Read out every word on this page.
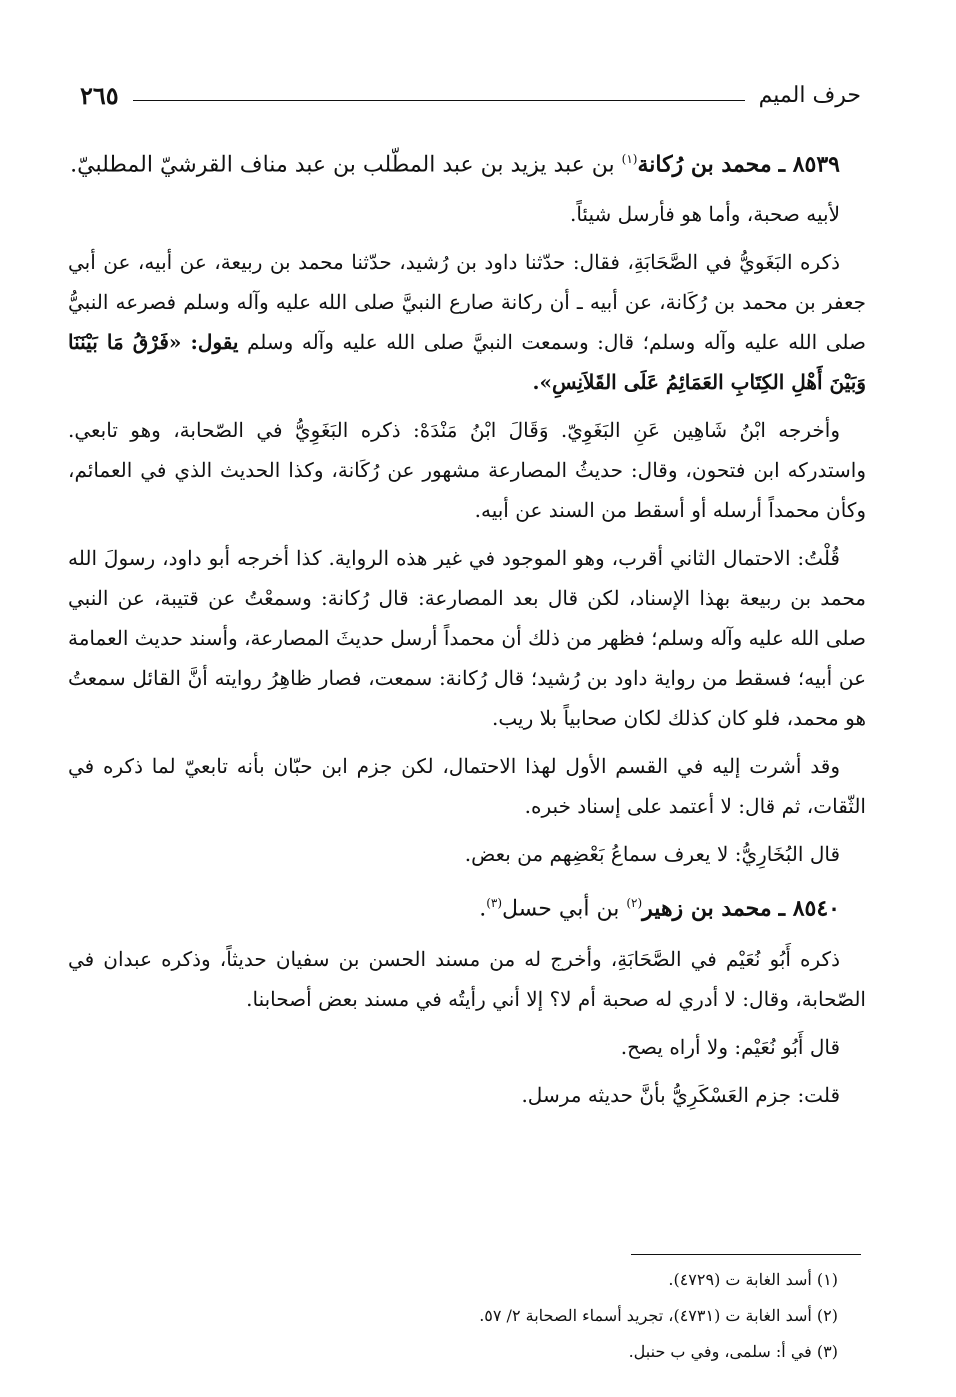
حرف الميم
٢٦٥

٨٥٣٩ ـ محمد بن رُكانة$^{(١)}$ بن عبد يزيد بن عبد المطّلب بن عبد مناف القرشيّ المطلبيّ.

لأبيه صحبة، وأما هو فأرسل شيئاً.

ذكره البَغَويُّ في الصَّحَابَةِ، فقال: حدّثنا داود بن رُشيد، حدّثنا محمد بن ربيعة، عن أبيه، عن أبي جعفر بن محمد بن رُكَانة، عن أبيه ـ أن ركانة صارع النبيَّ صلى الله عليه وآله وسلم فصرعه النبيُّ صلى الله عليه وآله وسلم؛ قال: وسمعت النبيَّ صلى الله عليه وآله وسلم يقول: «فَرْقُ مَا بَيْنَنَا وَبَيْنَ أَهْلِ الكِتَابِ العَمَائِمُ عَلَى القَلاَنِسِ».

وأخرجه ابْنُ شَاهِين عَنِ البَغَوِيّ. وَقَالَ ابْنُ مَنْدَهْ: ذكره البَغَوِيُّ في الصّحابة، وهو تابعي. واستدركه ابن فتحون، وقال: حديثُ المصارعة مشهور عن رُكَانة، وكذا الحديث الذي في العمائم، وكأن محمداً أرسله أو أسقط من السند عن أبيه.

قُلْتُ: الاحتمال الثاني أقرب، وهو الموجود في غير هذه الرواية. كذا أخرجه أبو داود، رسولَ الله محمد بن ربيعة بهذا الإسناد، لكن قال بعد المصارعة: قال رُكانة: وسمعْتُ عن قتيبة، عن النبي صلى الله عليه وآله وسلم؛ فظهر من ذلك أن محمداً أرسل حديثَ المصارعة، وأسند حديث العمامة عن أبيه؛ فسقط من رواية داود بن رُشيد؛ قال رُكانة: سمعت، فصار ظاهِرُ روايته أنَّ القائل سمعتُ هو محمد، فلو كان كذلك لكان صحابياً بلا ريب.

وقد أشرت إليه في القسم الأول لهذا الاحتمال، لكن جزم ابن حبّان بأنه تابعيّ لما ذكره في الثّقات، ثم قال: لا أعتمد على إسناد خبره.

قال البُخَارِيُّ: لا يعرف سماعُ بَعْضِهم من بعض.

٨٥٤٠ ـ محمد بن زهير$^{(٢)}$ بن أبي حسل$^{(٣)}$.

ذكره أَبُو نُعَيْم في الصَّحَابَةِ، وأخرج له من مسند الحسن بن سفيان حديثاً، وذكره عبدان في الصّحابة، وقال: لا أدري له صحبة أم لا؟ إلا أني رأيتُه في مسند بعض أصحابنا.

قال أَبُو نُعَيْم: ولا أراه يصح.

قلت: جزم العَسْكَرِيُّ بأنَّ حديثه مرسل.

(١) أسد الغابة ت (٤٧٢٩).
(٢) أسد الغابة ت (٤٧٣١)، تجريد أسماء الصحابة ٢/ ٥٧.
(٣) في أ: سلمى، وفي ب حنبل.
